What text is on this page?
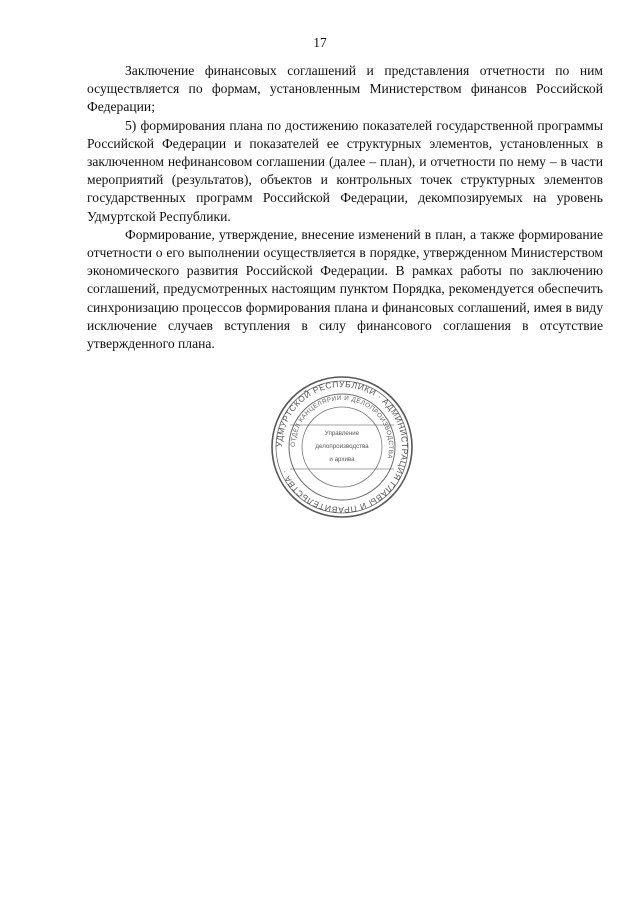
17

Заключение финансовых соглашений и представления отчетности по ним осуществляется по формам, установленным Министерством финансов Российской Федерации;

5) формирования плана по достижению показателей государственной программы Российской Федерации и показателей ее структурных элементов, установленных в заключенном нефинансовом соглашении (далее – план), и отчетности по нему – в части мероприятий (результатов), объектов и контрольных точек структурных элементов государственных программ Российской Федерации, декомпозируемых на уровень Удмуртской Республики.

Формирование, утверждение, внесение изменений в план, а также формирование отчетности о его выполнении осуществляется в порядке, утвержденном Министерством экономического развития Российской Федерации. В рамках работы по заключению соглашений, предусмотренных настоящим пунктом Порядка, рекомендуется обеспечить синхронизацию процессов формирования плана и финансовых соглашений, имея в виду исключение случаев вступления в силу финансового соглашения в отсутствие утвержденного плана.

УДМУРТСКОЙ РЕСПУБЛИКИ · АДМИНИСТРАЦИЯ ГЛАВЫ И ПРАВИТЕЛЬСТВА ·
ОТДЕЛ КАНЦЕЛЯРИИ И ДЕЛОПРОИЗВОДСТВА
Управление
делопроизводства
и архива
